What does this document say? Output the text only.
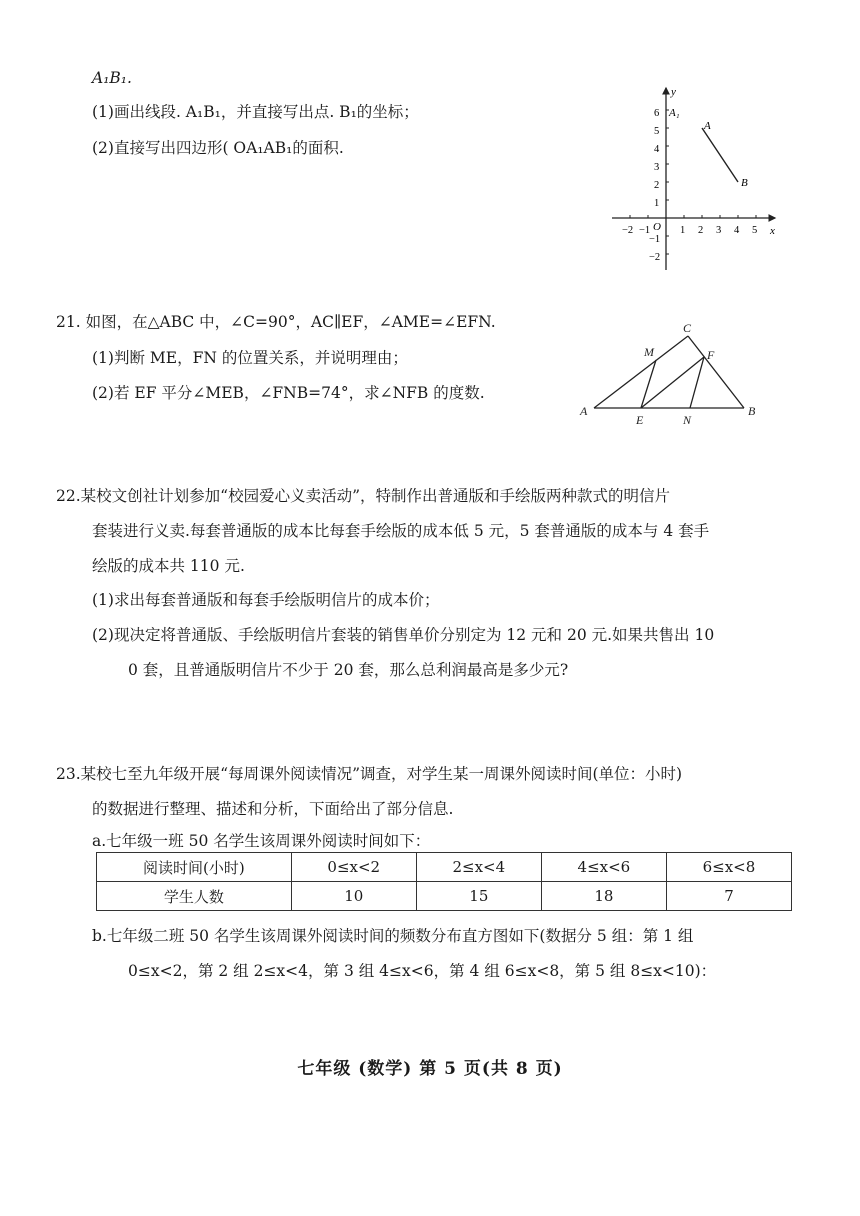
A₁B₁.
(1)画出线段. A₁B₁，并直接写出点. B₁的坐标；
(2)直接写出四边形( OA₁AB₁的面积.
y
x
O
6
5
4
3
2
1
−1
−2
−2 −1	1 2 3 4 5
A₁
A
B
21. 如图，在△ABC 中，∠C=90°，AC∥EF，∠AME=∠EFN.
(1)判断 ME，FN 的位置关系，并说明理由；
(2)若 EF 平分∠MEB，∠FNB=74°，求∠NFB 的度数.
A	B
C
M	F
E	N
22.某校文创社计划参加“校园爱心义卖活动”，特制作出普通版和手绘版两种款式的明信片
套装进行义卖.每套普通版的成本比每套手绘版的成本低 5 元，5 套普通版的成本与 4 套手
绘版的成本共 110 元.
(1)求出每套普通版和每套手绘版明信片的成本价；
(2)现决定将普通版、手绘版明信片套装的销售单价分别定为 12 元和 20 元.如果共售出 10
0 套，且普通版明信片不少于 20 套，那么总利润最高是多少元?
23.某校七至九年级开展“每周课外阅读情况”调查，对学生某一周课外阅读时间(单位：小时)
的数据进行整理、描述和分析，下面给出了部分信息.
a.七年级一班 50 名学生该周课外阅读时间如下：
阅读时间(小时)	0≤x<2	2≤x<4	4≤x<6	6≤x<8
学生人数	10	15	18	7
b.七年级二班 50 名学生该周课外阅读时间的频数分布直方图如下(数据分 5 组：第 1 组
0≤x<2，第 2 组 2≤x<4，第 3 组 4≤x<6，第 4 组 6≤x<8，第 5 组 8≤x<10)：
七年级 (数学) 第 5 页(共 8 页)
